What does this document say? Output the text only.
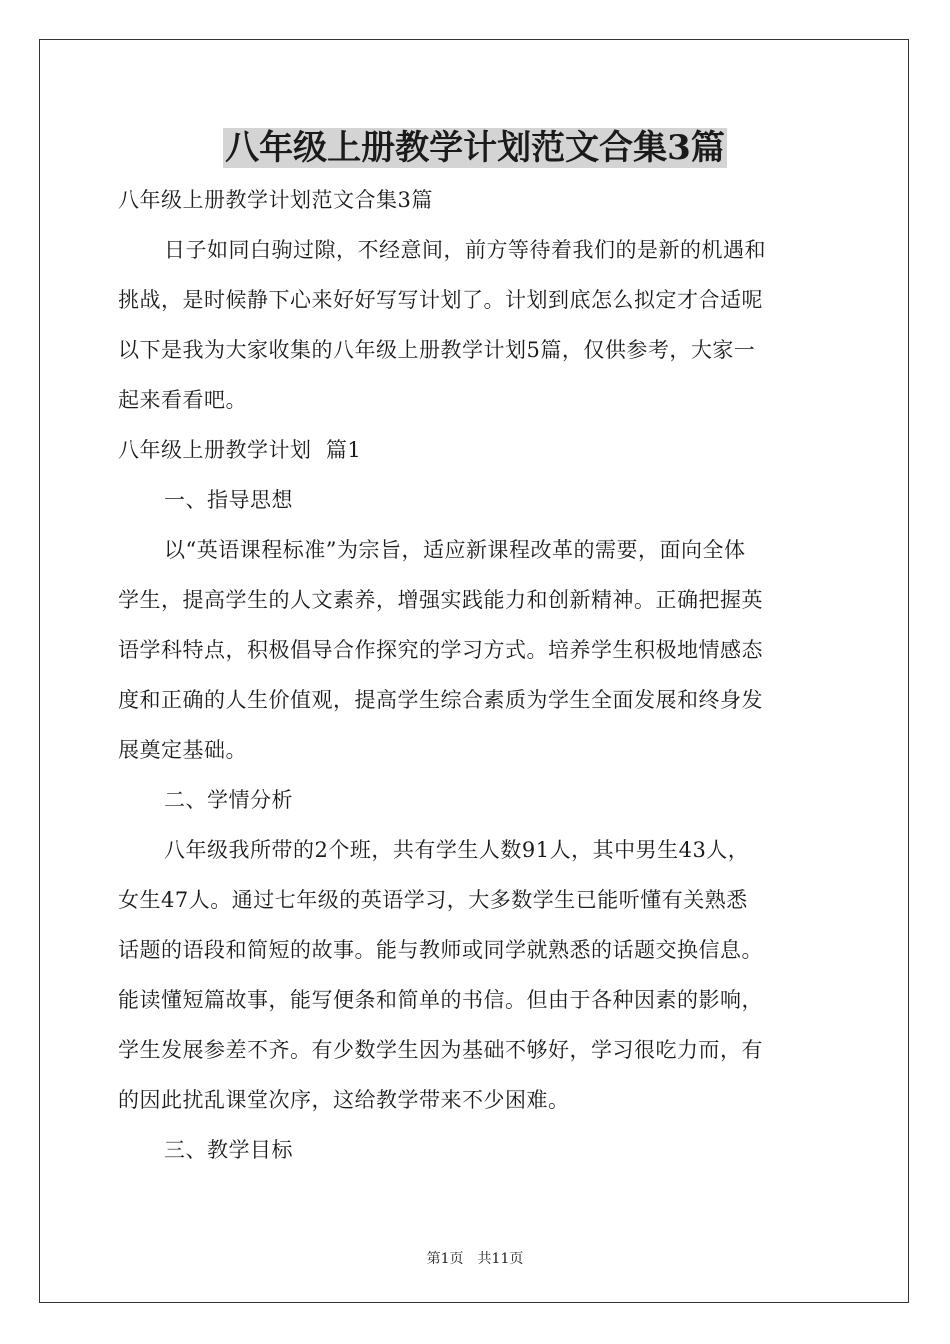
八年级上册教学计划范文合集3篇

八年级上册教学计划范文合集3篇

日子如同白驹过隙，不经意间，前方等待着我们的是新的机遇和

挑战，是时候静下心来好好写写计划了。计划到底怎么拟定才合适呢

以下是我为大家收集的八年级上册教学计划5篇，仅供参考，大家一

起来看看吧。

八年级上册教学计划  篇1

一、指导思想

以“英语课程标准”为宗旨，适应新课程改革的需要，面向全体

学生，提高学生的人文素养，增强实践能力和创新精神。正确把握英

语学科特点，积极倡导合作探究的学习方式。培养学生积极地情感态

度和正确的人生价值观，提高学生综合素质为学生全面发展和终身发

展奠定基础。

二、学情分析

八年级我所带的2个班，共有学生人数91人，其中男生43人，

女生47人。通过七年级的英语学习，大多数学生已能听懂有关熟悉

话题的语段和简短的故事。能与教师或同学就熟悉的话题交换信息。

能读懂短篇故事，能写便条和简单的书信。但由于各种因素的影响，

学生发展参差不齐。有少数学生因为基础不够好，学习很吃力而，有

的因此扰乱课堂次序，这给教学带来不少困难。

三、教学目标

第1页 共11页
